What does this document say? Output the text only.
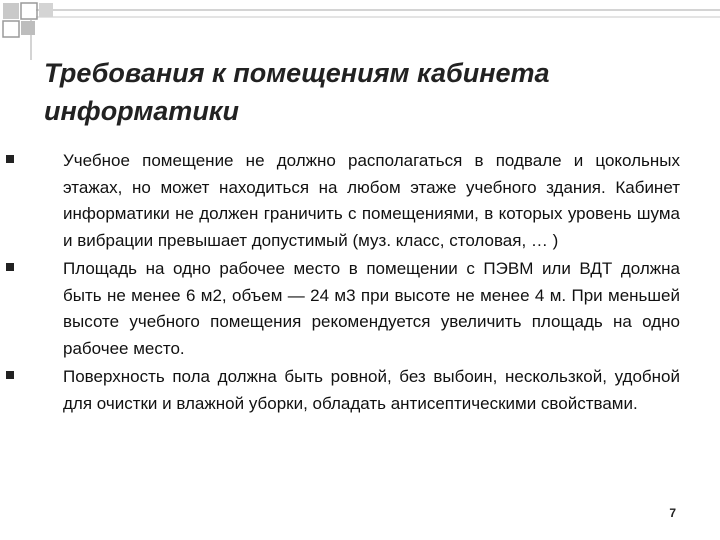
Требования к помещениям кабинета информатики
Учебное помещение не должно располагаться в подвале и цокольных этажах, но может находиться на любом этаже учебного здания. Кабинет информатики не должен граничить с помещениями, в которых уровень шума и вибрации превышает допустимый (муз. класс, столовая, … )
Площадь на одно рабочее место в помещении с ПЭВМ или ВДТ должна быть не менее 6 м2, объем — 24 м3 при высоте не менее 4 м. При меньшей высоте учебного помещения рекомендуется увеличить площадь на одно рабочее место.
Поверхность пола должна быть ровной, без выбоин, нескользкой, удобной для очистки и влажной уборки, обладать антисептическими свойствами.
7
